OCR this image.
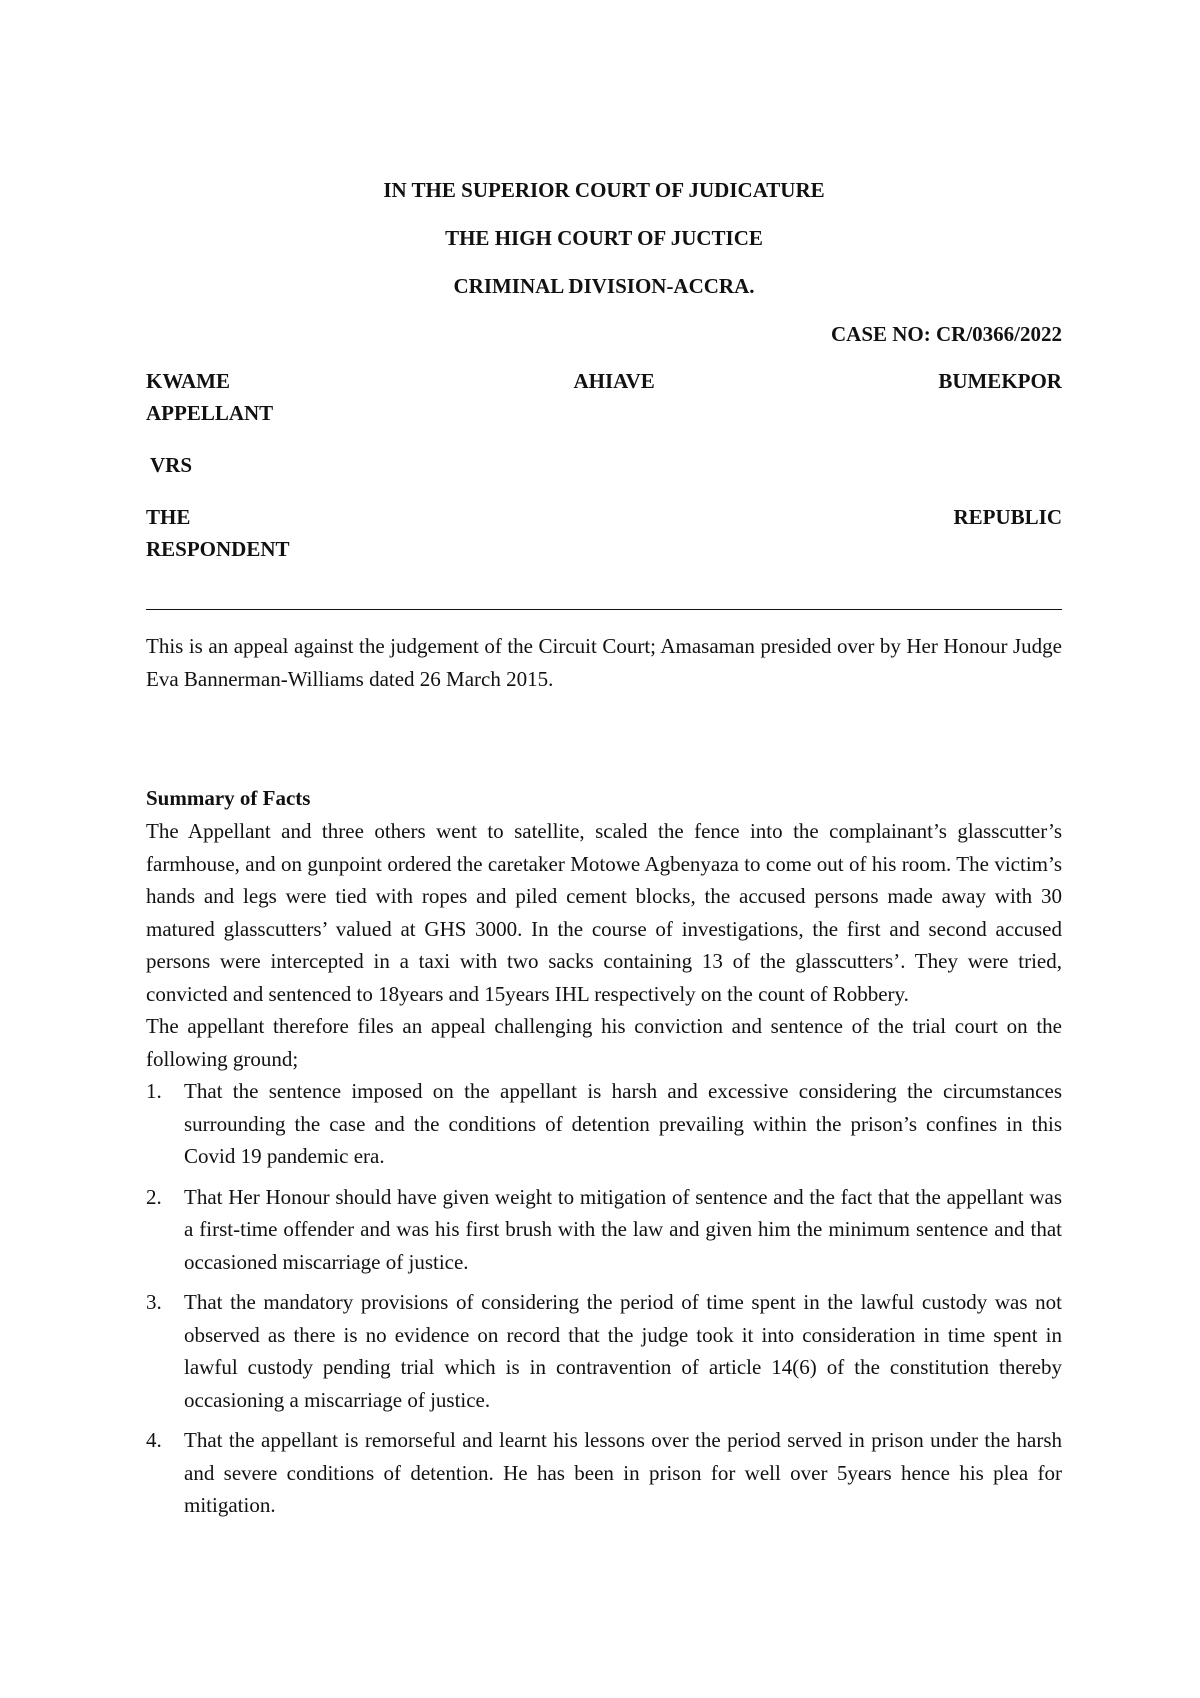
IN THE SUPERIOR COURT OF JUDICATURE

THE HIGH COURT OF JUCTICE

CRIMINAL DIVISION-ACCRA.

CASE NO: CR/0366/2022

KWAME	AHIAVE	BUMEKPOR

APPELLANT

VRS

THE	REPUBLIC

RESPONDENT

This is an appeal against the judgement of the Circuit Court; Amasaman presided over by Her Honour Judge Eva Bannerman-Williams dated 26 March 2015.

Summary of Facts

The Appellant and three others went to satellite, scaled the fence into the complainant’s glasscutter’s farmhouse, and on gunpoint ordered the caretaker Motowe Agbenyaza to come out of his room. The victim’s hands and legs were tied with ropes and piled cement blocks, the accused persons made away with 30 matured glasscutters’ valued at GHS 3000. In the course of investigations, the first and second accused persons were intercepted in a taxi with two sacks containing 13 of the glasscutters’. They were tried, convicted and sentenced to 18years and 15years IHL respectively on the count of Robbery.

The appellant therefore files an appeal challenging his conviction and sentence of the trial court on the following ground;

1.	That the sentence imposed on the appellant is harsh and excessive considering the circumstances surrounding the case and the conditions of detention prevailing within the prison’s confines in this Covid 19 pandemic era.
2.	That Her Honour should have given weight to mitigation of sentence and the fact that the appellant was a first-time offender and was his first brush with the law and given him the minimum sentence and that occasioned miscarriage of justice.
3.	That the mandatory provisions of considering the period of time spent in the lawful custody was not observed as there is no evidence on record that the judge took it into consideration in time spent in lawful custody pending trial which is in contravention of article 14(6) of the constitution thereby occasioning a miscarriage of justice.
4.	That the appellant is remorseful and learnt his lessons over the period served in prison under the harsh and severe conditions of detention. He has been in prison for well over 5years hence his plea for mitigation.
